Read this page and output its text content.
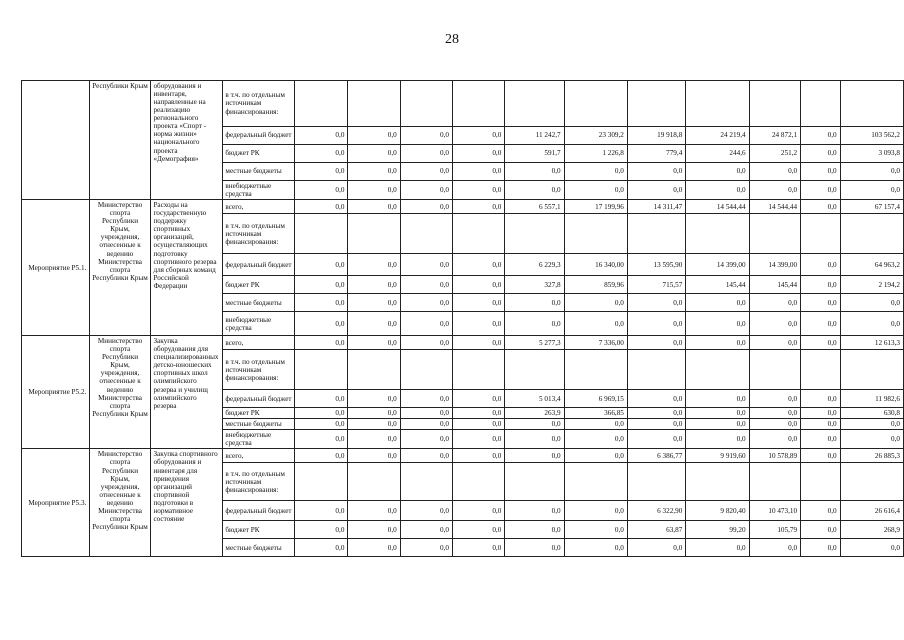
28
	Республики Крым	оборудования и инвентаря, направленные на реализацию регионального проекта «Спорт - норма жизни» национального проекта «Демография»	в т.ч. по отдельным источникам финансирования:											
			федеральный бюджет	0,0	0,0	0,0	0,0	11 242,7	23 309,2	19 918,8	24 219,4	24 872,1	0,0	103 562,2
			бюджет РК	0,0	0,0	0,0	0,0	591,7	1 226,8	779,4	244,6	251,2	0,0	3 093,8
			местные бюджеты	0,0	0,0	0,0	0,0	0,0	0,0	0,0	0,0	0,0	0,0	0,0
			внебюджетные средства	0,0	0,0	0,0	0,0	0,0	0,0	0,0	0,0	0,0	0,0	0,0
Мероприятие Р5.1.	Министерство спорта Республики Крым, учреждения, отнесенные к ведению Министерства спорта Республики Крым	Расходы на государственную поддержку спортивных организаций, осуществляющих подготовку спортивного резерва для сборных команд Российской Федерации	всего,	0,0	0,0	0,0	0,0	6 557,1	17 199,96	14 311,47	14 544,44	14 544,44	0,0	67 157,4
			в т.ч. по отдельным источникам финансирования:											
			федеральный бюджет	0,0	0,0	0,0	0,0	6 229,3	16 340,00	13 595,90	14 399,00	14 399,00	0,0	64 963,2
			бюджет РК	0,0	0,0	0,0	0,0	327,8	859,96	715,57	145,44	145,44	0,0	2 194,2
			местные бюджеты	0,0	0,0	0,0	0,0	0,0	0,0	0,0	0,0	0,0	0,0	0,0
			внебюджетные средства	0,0	0,0	0,0	0,0	0,0	0,0	0,0	0,0	0,0	0,0	0,0
Мероприятие Р5.2.	Министерство спорта Республики Крым, учреждения, отнесенные к ведению Министерства спорта Республики Крым	Закупка оборудования для специализированных детско-юношеских спортивных школ олимпийского резерва и училищ олимпийского резерва	всего,	0,0	0,0	0,0	0,0	5 277,3	7 336,00	0,0	0,0	0,0	0,0	12 613,3
			в т.ч. по отдельным источникам финансирования:											
			федеральный бюджет	0,0	0,0	0,0	0,0	5 013,4	6 969,15	0,0	0,0	0,0	0,0	11 982,6
			бюджет РК	0,0	0,0	0,0	0,0	263,9	366,85	0,0	0,0	0,0	0,0	630,8
			местные бюджеты	0,0	0,0	0,0	0,0	0,0	0,0	0,0	0,0	0,0	0,0	0,0
			внебюджетные средства	0,0	0,0	0,0	0,0	0,0	0,0	0,0	0,0	0,0	0,0	0,0
Мероприятие Р5.3.	Министерство спорта Республики Крым, учреждения, отнесенные к ведению Министерства спорта Республики Крым	Закупка спортивного оборудования и инвентаря для приведения организаций спортивной подготовки в нормативное состояние	всего,	0,0	0,0	0,0	0,0	0,0	0,0	6 386,77	9 919,60	10 578,89	0,0	26 885,3
			в т.ч. по отдельным источникам финансирования:											
			федеральный бюджет	0,0	0,0	0,0	0,0	0,0	0,0	6 322,90	9 820,40	10 473,10	0,0	26 616,4
			бюджет РК	0,0	0,0	0,0	0,0	0,0	0,0	63,87	99,20	105,79	0,0	268,9
			местные бюджеты	0,0	0,0	0,0	0,0	0,0	0,0	0,0	0,0	0,0	0,0	0,0
